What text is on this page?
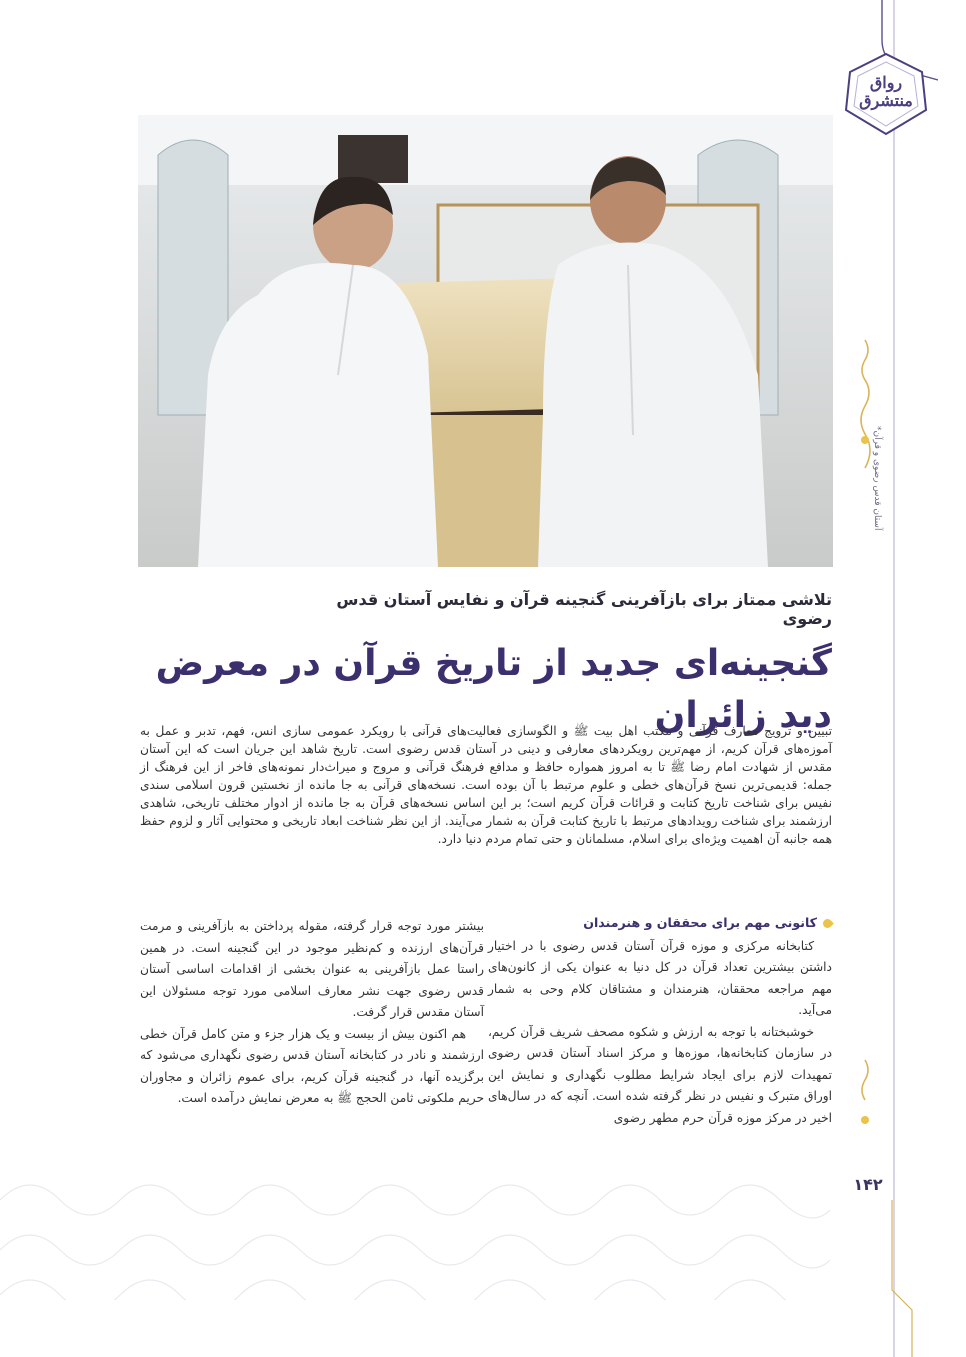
رواق
منتشرق
آستان قدس رضوی و قرآن*
۱۴۲
تلاشی ممتاز برای بازآفرینی گنجینه قرآن و نفایس آستان قدس رضوی
گنجینه‌ای جدید از تاریخ قرآن در معرض دید زائران

تبیین و ترویج معارف قرآنی و مکتب اهل بیت ﷺ و الگوسازی فعالیت‌های قرآنی با رویکرد عمومی سازی انس، فهم، تدبر و عمل به آموزه‌های قرآن کریم، از مهم‌ترین رویکردهای معارفی و دینی در آستان قدس رضوی است. تاریخ شاهد این جریان است که این آستان مقدس از شهادت امام رضا ﷺ تا به امروز همواره حافظ و مدافع فرهنگ قرآنی و مروج و میراث‌دار نمونه‌های فاخر از این فرهنگ از جمله: قدیمی‌ترین نسخ قرآن‌های خطی و علوم مرتبط با آن بوده است. نسخه‌های قرآنی به جا مانده از نخستین قرون اسلامی سندی نفیس برای شناخت تاریخ کتابت و قرائات قرآن کریم است؛ بر این اساس نسخه‌های قرآن به جا مانده از ادوار مختلف تاریخی، شاهدی ارزشمند برای شناخت رویدادهای مرتبط با تاریخ کتابت قرآن به شمار می‌آیند. از این نظر شناخت ابعاد تاریخی و محتوایی آثار و لزوم حفظ همه جانبه آن اهمیت ویژه‌ای برای اسلام، مسلمانان و حتی تمام مردم دنیا دارد.

کانونی مهم برای محققان و هنرمندان

کتابخانه مرکزی و موزه قرآن آستان قدس رضوی با در اختیار داشتن بیشترین تعداد قرآن در کل دنیا به عنوان یکی از کانون‌های مهم مراجعه محققان، هنرمندان و مشتاقان کلام وحی به شمار می‌آید.

خوشبختانه با توجه به ارزش و شکوه مصحف شریف قرآن کریم، در سازمان کتابخانه‌ها، موزه‌ها و مرکز اسناد آستان قدس رضوی تمهیدات لازم برای ایجاد شرایط مطلوب نگهداری و نمایش این اوراق متبرک و نفیس در نظر گرفته شده است. آنچه که در سال‌های اخیر در مرکز موزه قرآن حرم مطهر رضوی

بیشتر مورد توجه قرار گرفته، مقوله پرداختن به بازآفرینی و مرمت قرآن‌های ارزنده و کم‌نظیر موجود در این گنجینه است. در همین راستا عمل بازآفرینی به عنوان بخشی از اقدامات اساسی آستان قدس رضوی جهت نشر معارف اسلامی مورد توجه مسئولان این آستان مقدس قرار گرفت.

هم اکنون بیش از بیست و یک هزار جزء و متن کامل قرآن خطی ارزشمند و نادر در کتابخانه آستان قدس رضوی نگهداری می‌شود که برگزیده آنها، در گنجینه قرآن کریم، برای عموم زائران و مجاوران حریم ملکوتی ثامن الحجج ﷺ به معرض نمایش درآمده است.
